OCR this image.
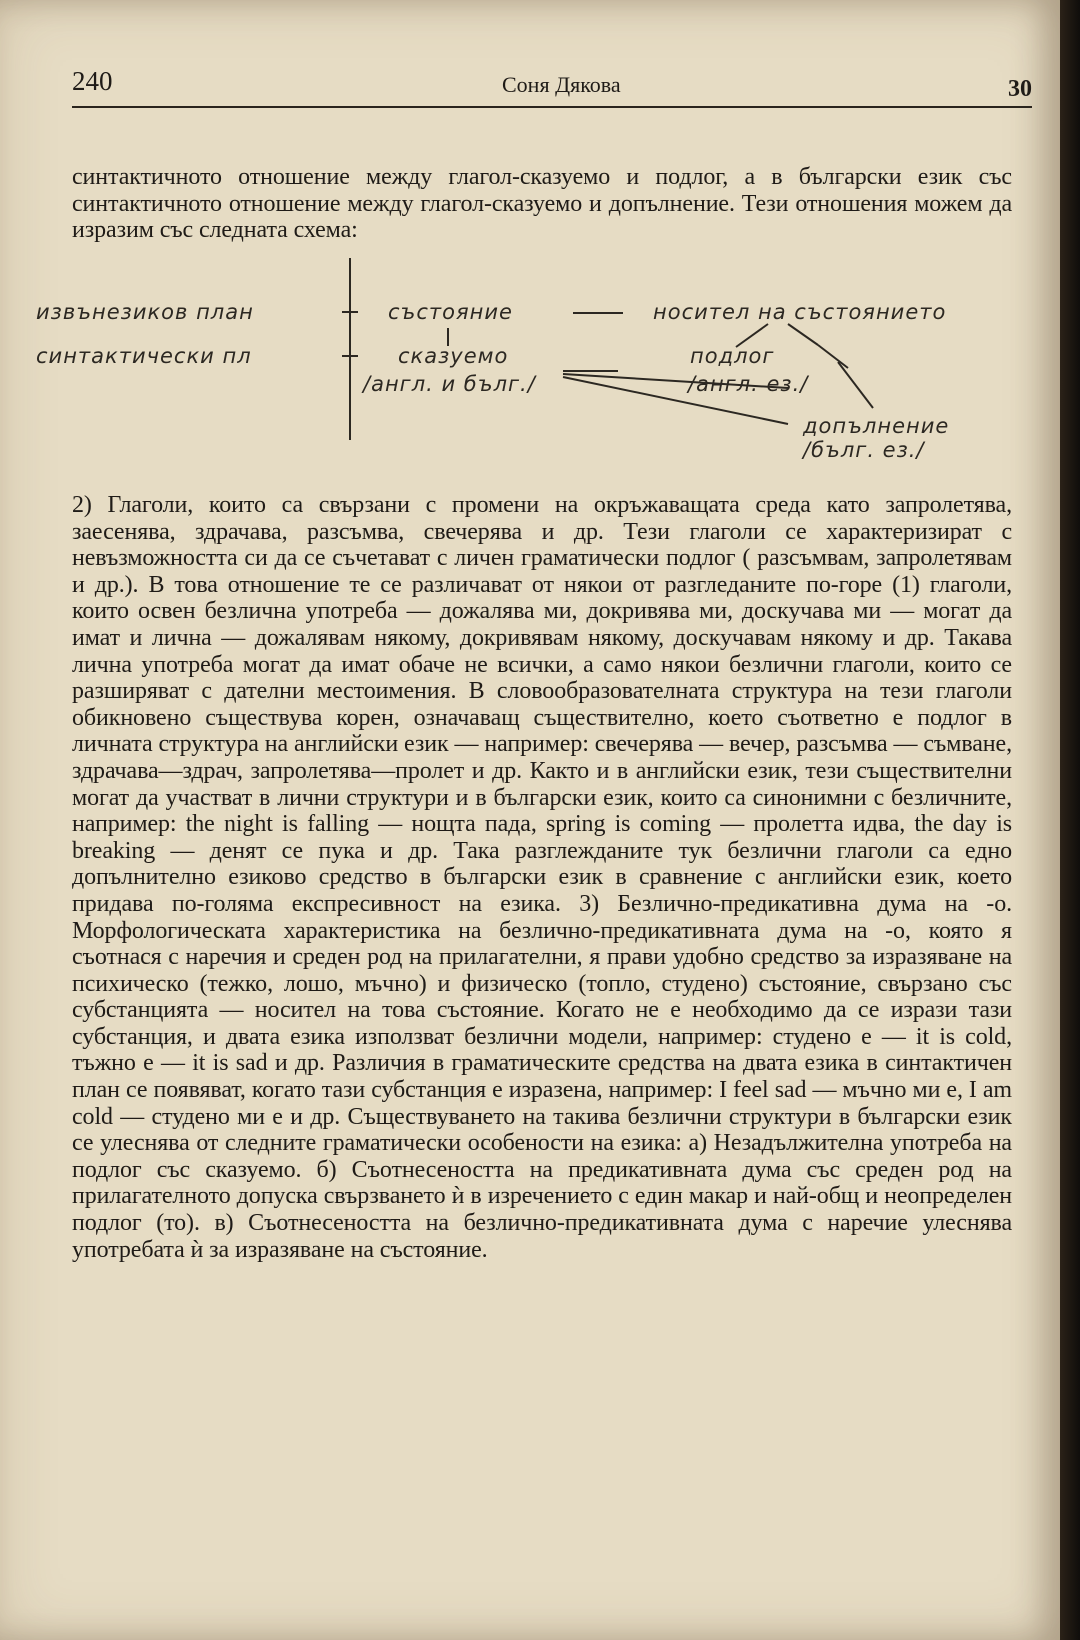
240	Соня Дякова	30

синтактичното отношение между глагол-сказуемо и подлог, а в български език със синтактичното отношение между глагол-сказуемо и допълнение. Тези отношения можем да изразим със следната схема:

извънезиков план
синтактически пл
състояние	носител на състоянието
сказуемо
/англ. и бълг./
подлог
/англ. ез./
допълнение
/бълг. ез./

2) Глаголи, които са свързани с промени на окръжаващата среда като запролетява, заесенява, здрачава, разсъмва, свечерява и др. Тези глаголи се характеризират с невъзможността си да се съчетават с личен граматически подлог ( разсъмвам, запролетявам и др.). В това отношение те се различават от някои от разгледаните по-горе (1) глаголи, които освен безлична употреба — дожалява ми, докривява ми, доскучава ми — могат да имат и лична — дожалявам някому, докривявам някому, доскучавам някому и др. Такава лична употреба могат да имат обаче не всички, а само някои безлични глаголи, които се разширяват с дателни местоимения. В словообразователната структура на тези глаголи обикновено съществува корен, означаващ съществително, което съответно е подлог в личната структура на английски език — например: свечерява — вечер, разсъмва — съмване, здрачава—здрач, запролетява—пролет и др. Както и в английски език, тези съществителни могат да участват в лични структури и в български език, които са синонимни с безличните, например: the night is falling — нощта пада, spring is coming — пролетта идва, the day is breaking — денят се пука и др. Така разглежданите тук безлични глаголи са едно допълнително езиково средство в български език в сравнение с английски език, което придава по-голяма експресивност на езика. 3) Безлично-предикативна дума на -о. Морфологическата характеристика на безлично-предикативната дума на -о, която я съотнася с наречия и среден род на прилагателни, я прави удобно средство за изразяване на психическо (тежко, лошо, мъчно) и физическо (топло, студено) състояние, свързано със субстанцията — носител на това състояние. Когато не е необходимо да се изрази тази субстанция, и двата езика използват безлични модели, например: студено е — it is cold, тъжно е — it is sad и др. Различия в граматическите средства на двата езика в синтактичен план се появяват, когато тази субстанция е изразена, например: I feel sad — мъчно ми е, I am cold — студено ми е и др. Съществуването на такива безлични структури в български език се улеснява от следните граматически особености на езика: а) Незадължителна употреба на подлог със сказуемо. б) Съотнесеността на предикативната дума със среден род на прилагателното допуска свързването ѝ в изречението с един макар и най-общ и неопределен подлог (то). в) Съотнесеността на безлично-предикативната дума с наречие улеснява употребата ѝ за изразяване на състояние.
